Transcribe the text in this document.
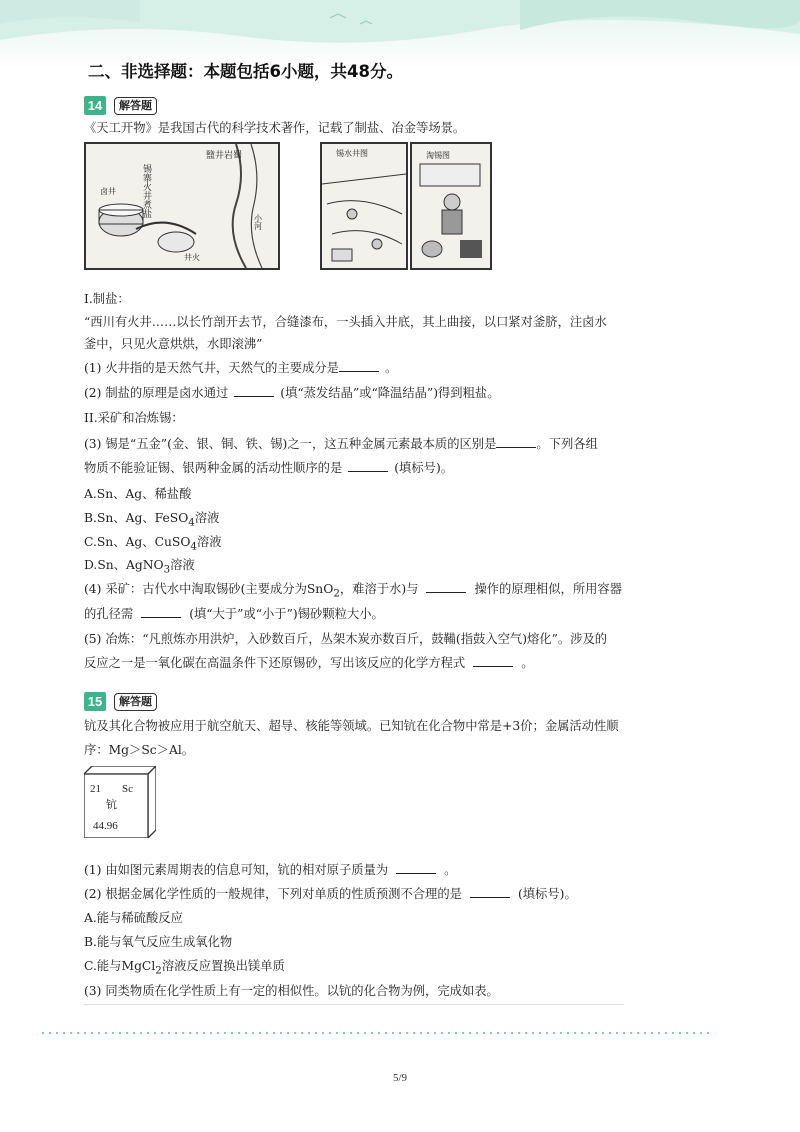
二、非选择题：本题包括6小题，共48分。
14	解答题
《天工开物》是我国古代的科学技术著作，记载了制盐、冶金等场景。
盬井岩蜀
锡寨火井煮盐
卤井
井火
小河
锡水井图	淘锡图
I.制盐：
“西川有火井……以长竹剖开去节，合缝漆布，一头插入井底，其上曲接，以口紧对釜脐，注卤水
釜中，只见火意烘烘，水即滚沸”
(1) 火井指的是天然气井，天然气的主要成分是	。
(2) 制盐的原理是卤水通过	(填“蒸发结晶”或“降温结晶”)得到粗盐。
II.采矿和冶炼锡：
(3) 锡是“五金”(金、银、铜、铁、锡)之一，这五种金属元素最本质的区别是	。下列各组
物质不能验证锡、银两种金属的活动性顺序的是	(填标号)。
A.Sn、Ag、稀盐酸
B.Sn、Ag、FeSO$_4$溶液
C.Sn、Ag、CuSO$_4$溶液
D.Sn、AgNO$_3$溶液
(4) 采矿：古代水中淘取锡砂(主要成分为SnO$_2$，难溶于水)与	操作的原理相似，所用容器
的孔径需	(填“大于”或“小于”)锡砂颗粒大小。
(5) 冶炼：“凡煎炼亦用洪炉，入砂数百斤，丛架木炭亦数百斤，鼓鞴(指鼓入空气)熔化”。涉及的
反应之一是一氧化碳在高温条件下还原锡砂，写出该反应的化学方程式	。
15	解答题
钪及其化合物被应用于航空航天、超导、核能等领域。已知钪在化合物中常是+3价；金属活动性顺
序：Mg＞Sc＞Al。
21 Sc
钪
44.96
(1) 由如图元素周期表的信息可知，钪的相对原子质量为	。
(2) 根据金属化学性质的一般规律，下列对单质的性质预测不合理的是	(填标号)。
A.能与稀硫酸反应
B.能与氧气反应生成氧化物
C.能与MgCl$_2$溶液反应置换出镁单质
(3) 同类物质在化学性质上有一定的相似性。以钪的化合物为例，完成如表。
5/9
